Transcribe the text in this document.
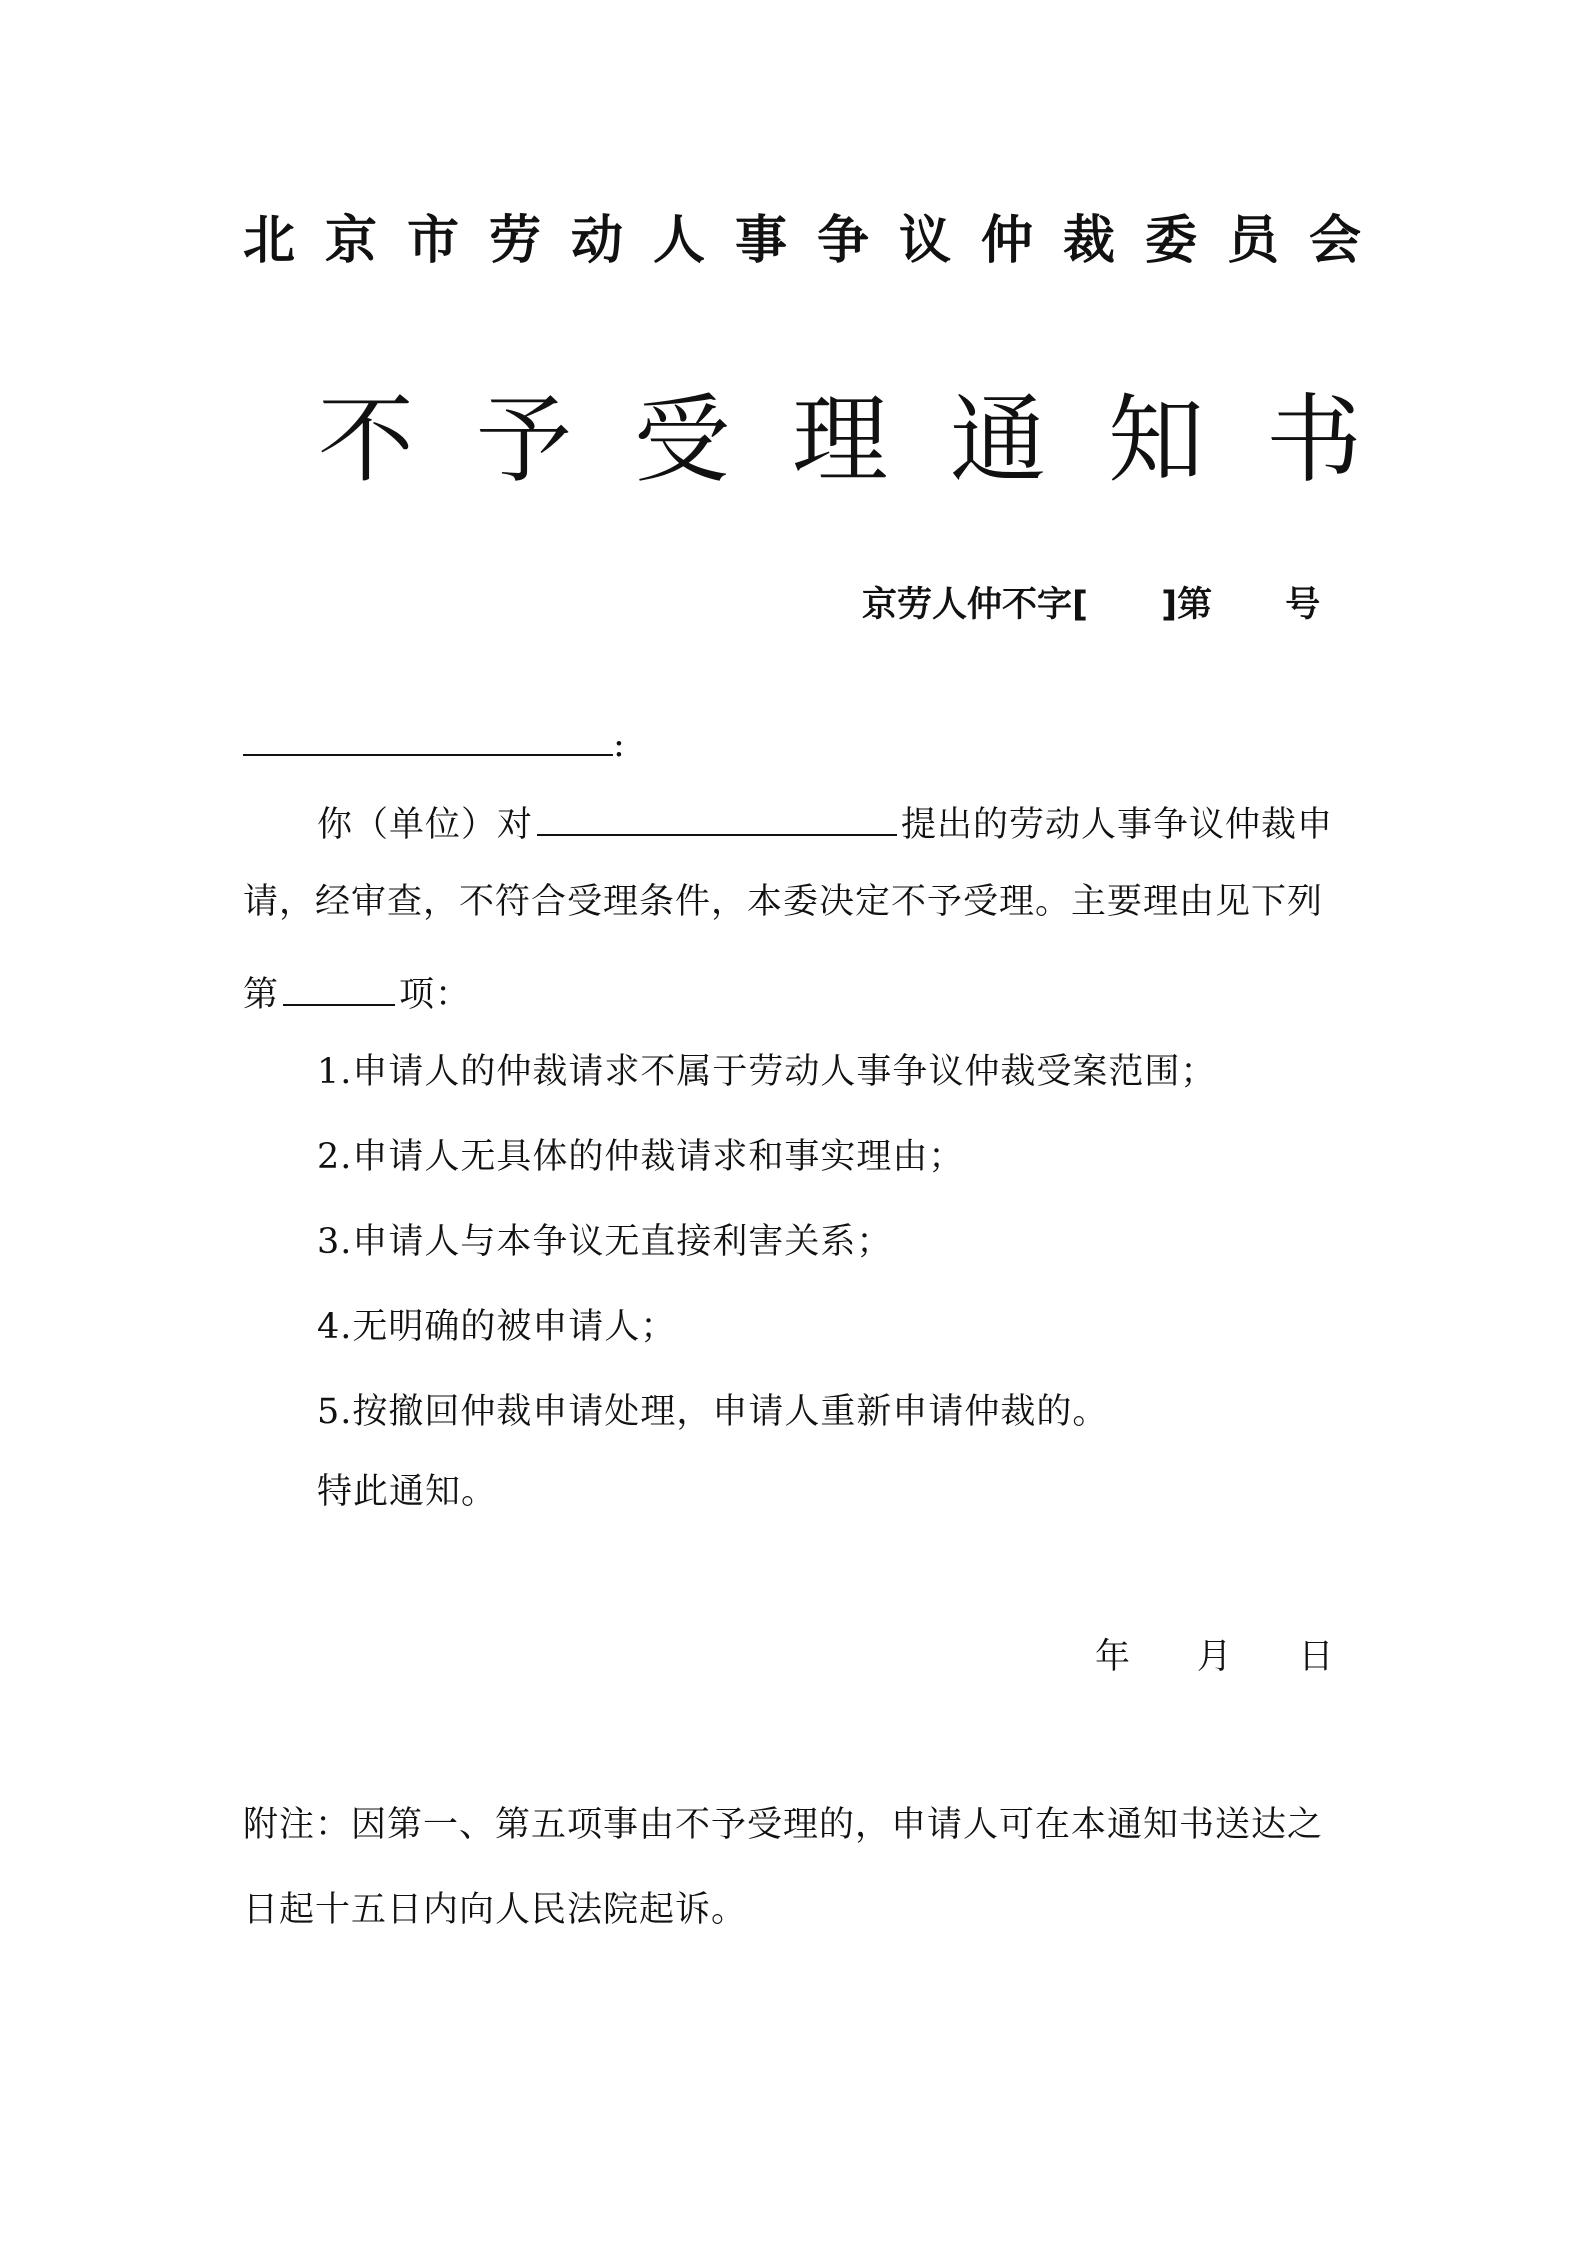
北京市劳动人事争议仲裁委员会
不予受理通知书
京劳人仲不字[      ]第      号
:
你（单位）对	提出的劳动人事争议仲裁申
请，经审查，不符合受理条件，本委决定不予受理。主要理由见下列
第	项：
1.申请人的仲裁请求不属于劳动人事争议仲裁受案范围；
2.申请人无具体的仲裁请求和事实理由；
3.申请人与本争议无直接利害关系；
4.无明确的被申请人；
5.按撤回仲裁申请处理，申请人重新申请仲裁的。
特此通知。
年      月      日
附注：因第一、第五项事由不予受理的，申请人可在本通知书送达之
日起十五日内向人民法院起诉。
